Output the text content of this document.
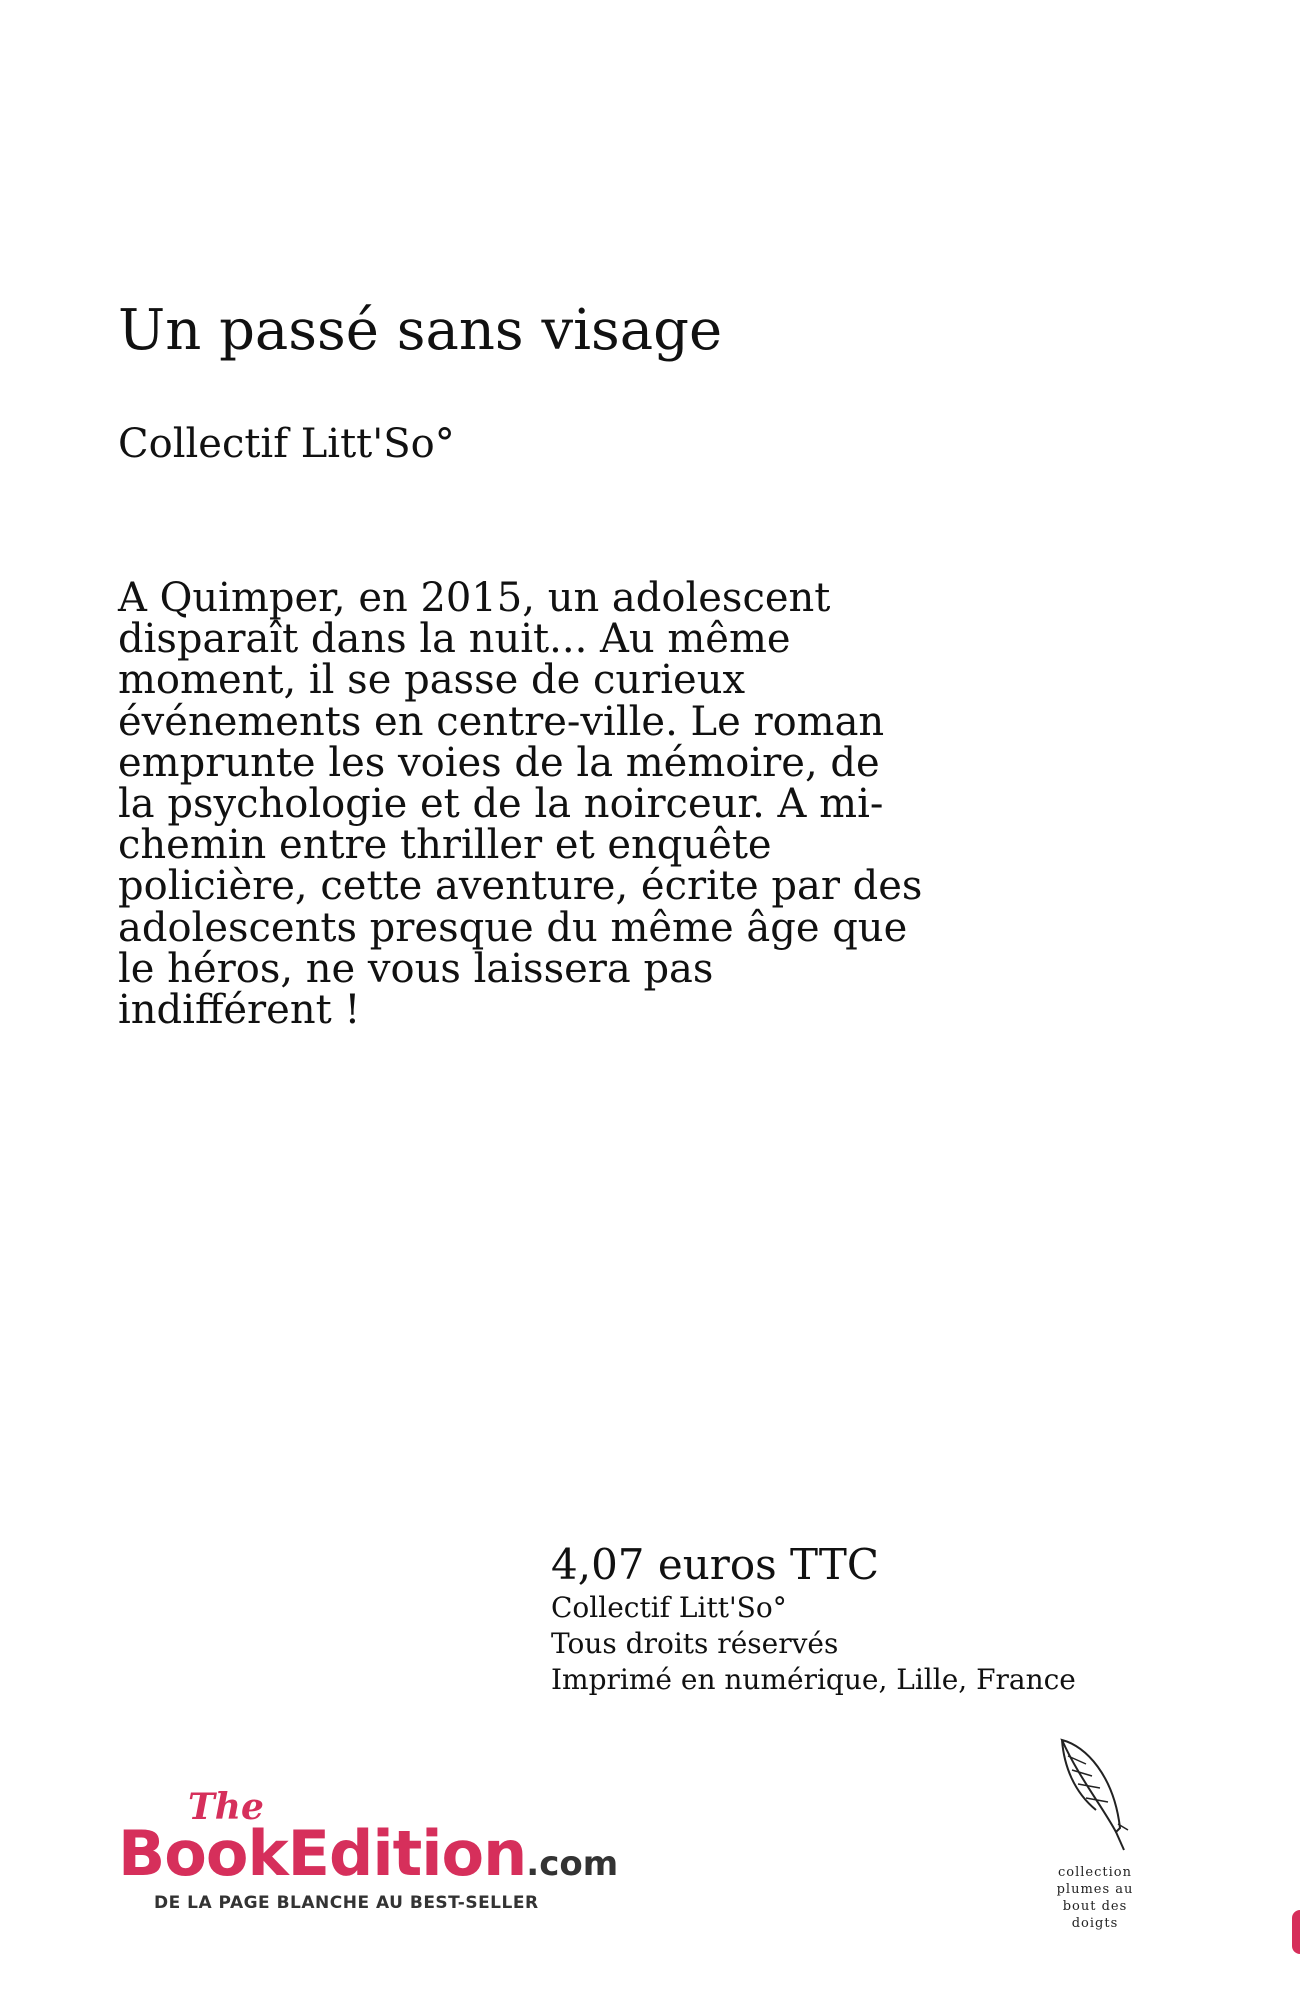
Un passé sans visage
Collectif Litt'So°
A Quimper, en 2015, un adolescent
disparaît dans la nuit... Au même
moment, il se passe de curieux
événements en centre-ville. Le roman
emprunte les voies de la mémoire, de
la psychologie et de la noirceur. A mi-
chemin entre thriller et enquête
policière, cette aventure, écrite par des
adolescents presque du même âge que
le héros, ne vous laissera pas
indifférent !
4,07 euros TTC
Collectif Litt'So°
Tous droits réservés
Imprimé en numérique, Lille, France
The
BookEdition.com
DE LA PAGE BLANCHE AU BEST-SELLER
collection
plumes au
bout des
doigts
